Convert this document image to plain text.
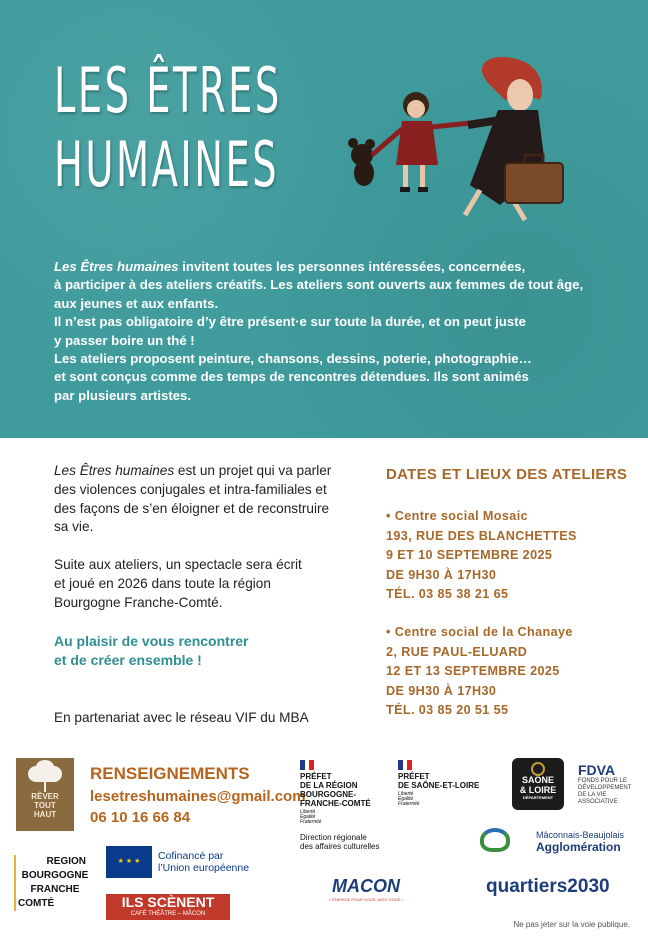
LES ÊTRES
HUMAINES

Les Êtres humaines invitent toutes les personnes intéressées, concernées,

à participer à des ateliers créatifs. Les ateliers sont ouverts aux femmes de tout âge,

aux jeunes et aux enfants.

Il n’est pas obligatoire d’y être présent·e sur toute la durée, et on peut juste

y passer boire un thé !

Les ateliers proposent peinture, chansons, dessins, poterie, photographie…

et sont conçus comme des temps de rencontres détendues. Ils sont animés

par plusieurs artistes.

Les Êtres humaines est un projet qui va parler
des violences conjugales et intra-familiales et
des façons de s’en éloigner et de reconstruire
sa vie.

Suite aux ateliers, un spectacle sera écrit
et joué en 2026 dans toute la région
Bourgogne Franche-Comté.

Au plaisir de vous rencontrer
et de créer ensemble !

En partenariat avec le réseau VIF du MBA
DATES ET LIEUX DES ATELIERS
• Centre social Mosaic
193, RUE DES BLANCHETTES
9 ET 10 SEPTEMBRE 2025
DE 9H30 À 17H30
TÉL. 03 85 38 21 65
• Centre social de la Chanaye
2, RUE PAUL-ELUARD
12 ET 13 SEPTEMBRE 2025
DE 9H30 À 17H30
TÉL. 03 85 20 51 55
RÊVER
TOUT
HAUT
RENSEIGNEMENTS
lesetreshumaines@gmail.com
06 10 16 66 84
PRÉFET
DE LA RÉGION
BOURGOGNE-
FRANCHE-COMTÉ
Liberté
Égalité
Fraternité
Direction régionale
des affaires culturelles
PRÉFET
DE SAÔNE-ET-LOIRE
Liberté
Égalité
Fraternité
SAÔNE
& LOIRE
DÉPARTEMENT
FDVA
FONDS POUR LE
DÉVELOPPEMENT
DE LA VIE
ASSOCIATIVE
REGION
BOURGOGNE
FRANCHE
COMTÉ
★ ★ ★	Cofinancé par
l’Union européenne
ILS SCÈNENT
CAFÉ THÉÂTRE – MÂCON
MACON
L’ÉNERGIE POUR VOUS, AVEC VOUS !
Mâconnais-Beaujolais
Agglomération
quartiers2030
Ne pas jeter sur la voie publique.
